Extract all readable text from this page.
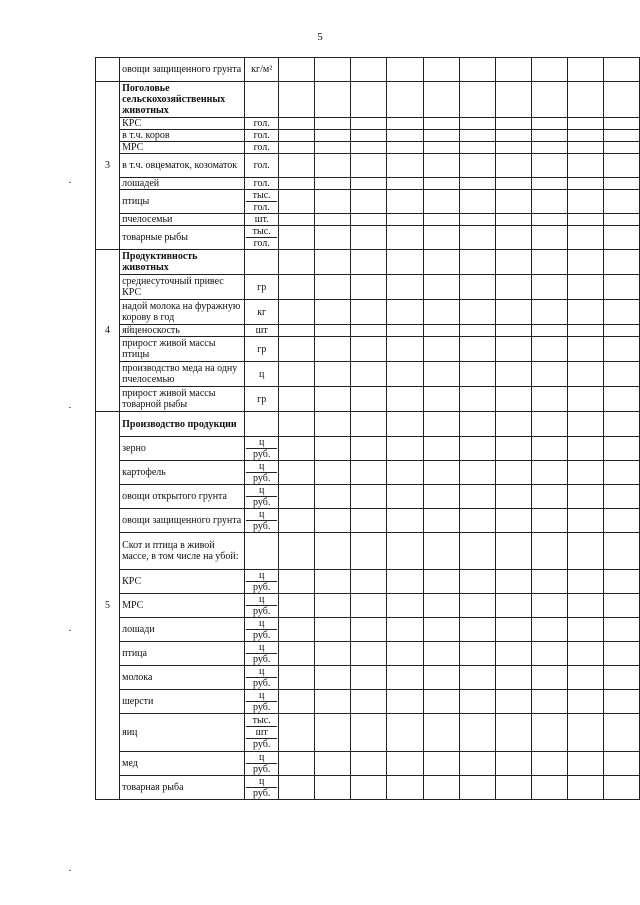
5
	овощи защищенного грунта	кг/м²										

3	Поголовье сельскохозяйственных животных	

	КРС	гол.										

	в т.ч. коров	гол.										

	МРС	гол.										

	в т.ч. овцематок, козоматок	гол.										

	лошадей	гол.										

	птицы	тыс.
гол.										

	пчелосемьи	шт.										

	товарные рыбы	тыс.
гол.										

4	Продуктивность животных	

	среднесуточный привес КРС	гр										

	надой молока на фуражную корову в год	кг										

	яйценоскость	шт										

	прирост живой массы птицы	гр										

	производство меда на одну пчелосемью	ц										

	прирост живой массы товарной рыбы	гр										

5	Производство продукции	

	зерно	ц
руб.										

	картофель	ц
руб.										

	овощи открытого грунта	ц
руб.										

	овощи защищенного грунта	ц
руб.										

	Скот и птица в живой массе, в том числе на убой:	

	КРС	ц
руб.										

	МРС	ц
руб.										

	лошади	ц
руб.										

	птица	ц
руб.										

	молока	ц
руб.										

	шерсти	ц
руб.										

	яиц	тыс.
шт
руб.										

	мед	ц
руб.										

	товарная рыба	ц
руб.										
